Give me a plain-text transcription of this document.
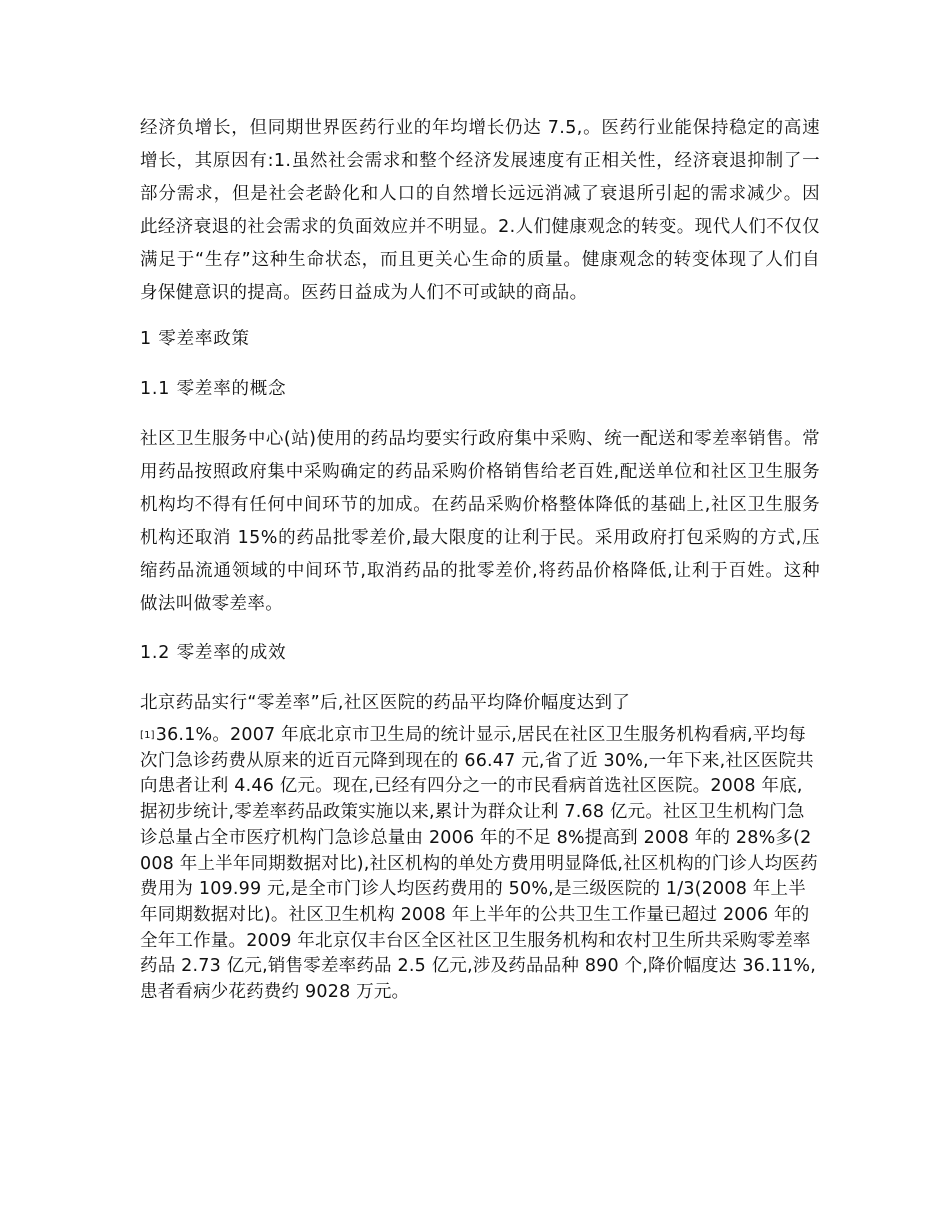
经济负增长，但同期世界医药行业的年均增长仍达 7.5,。医药行业能保持稳定的高速增长，其原因有:1.虽然社会需求和整个经济发展速度有正相关性，经济衰退抑制了一部分需求，但是社会老龄化和人口的自然增长远远消减了衰退所引起的需求减少。因此经济衰退的社会需求的负面效应并不明显。2.人们健康观念的转变。现代人们不仅仅满足于“生存”这种生命状态，而且更关心生命的质量。健康观念的转变体现了人们自身保健意识的提高。医药日益成为人们不可或缺的商品。

1 零差率政策
1.1 零差率的概念

社区卫生服务中心(站)使用的药品均要实行政府集中采购、统一配送和零差率销售。常用药品按照政府集中采购确定的药品采购价格销售给老百姓,配送单位和社区卫生服务机构均不得有任何中间环节的加成。在药品采购价格整体降低的基础上,社区卫生服务机构还取消 15%的药品批零差价,最大限度的让利于民。采用政府打包采购的方式,压缩药品流通领域的中间环节,取消药品的批零差价,将药品价格降低,让利于百姓。这种做法叫做零差率。

1.2 零差率的成效

北京药品实行“零差率”后,社区医院的药品平均降价幅度达到了

[1]36.1%。2007 年底北京市卫生局的统计显示,居民在社区卫生服务机构看病,平均每次门急诊药费从原来的近百元降到现在的 66.47 元,省了近 30%,一年下来,社区医院共向患者让利 4.46 亿元。现在,已经有四分之一的市民看病首选社区医院。2008 年底,据初步统计,零差率药品政策实施以来,累计为群众让利 7.68 亿元。社区卫生机构门急诊总量占全市医疗机构门急诊总量由 2006 年的不足 8%提高到 2008 年的 28%多(2008 年上半年同期数据对比),社区机构的单处方费用明显降低,社区机构的门诊人均医药费用为 109.99 元,是全市门诊人均医药费用的 50%,是三级医院的 1/3(2008 年上半年同期数据对比)。社区卫生机构 2008 年上半年的公共卫生工作量已超过 2006 年的全年工作量。2009 年北京仅丰台区全区社区卫生服务机构和农村卫生所共采购零差率药品 2.73 亿元,销售零差率药品 2.5 亿元,涉及药品品种 890 个,降价幅度达 36.11%,患者看病少花药费约 9028 万元。
